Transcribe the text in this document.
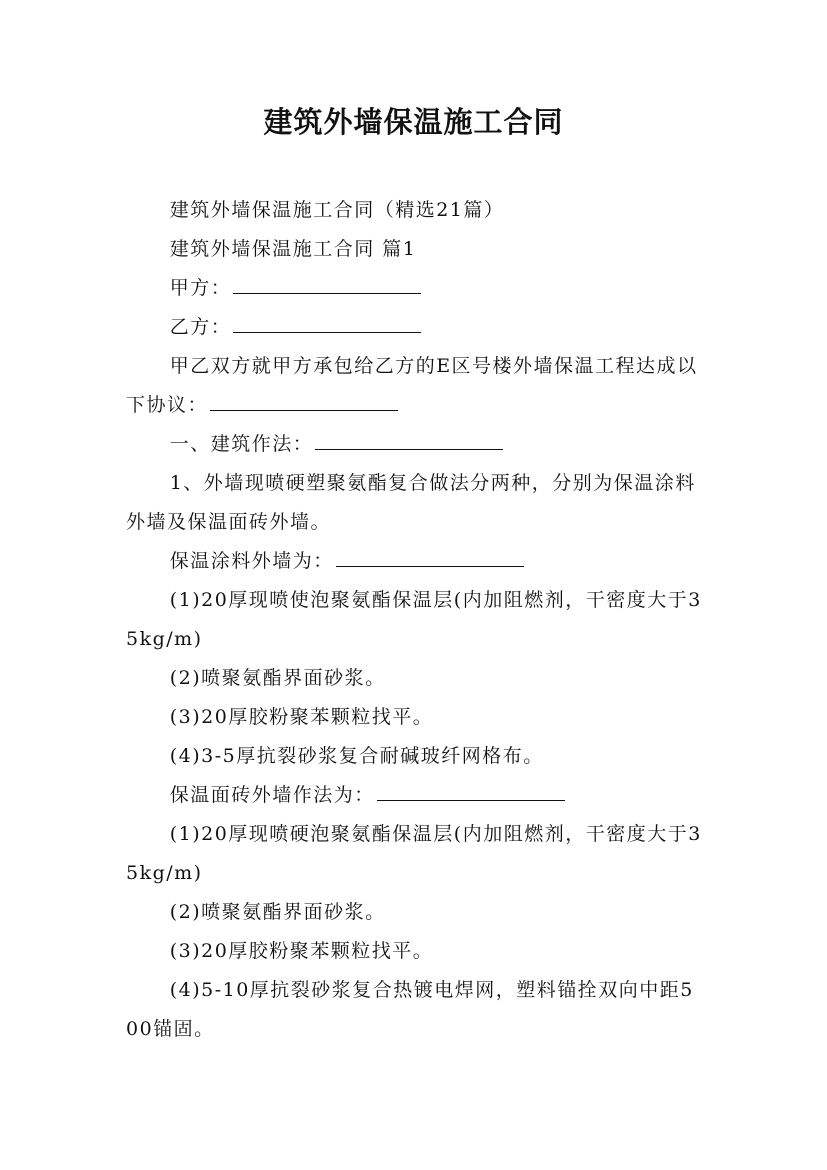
建筑外墙保温施工合同

建筑外墙保温施工合同（精选21篇）

建筑外墙保温施工合同 篇1

甲方：

乙方：

甲乙双方就甲方承包给乙方的E区号楼外墙保温工程达成以下协议：

一、建筑作法：

1、外墙现喷硬塑聚氨酯复合做法分两种，分别为保温涂料外墙及保温面砖外墙。

保温涂料外墙为：

(1)20厚现喷使泡聚氨酯保温层(内加阻燃剂，干密度大于35kg/m)

(2)喷聚氨酯界面砂浆。

(3)20厚胶粉聚苯颗粒找平。

(4)3-5厚抗裂砂浆复合耐碱玻纤网格布。

保温面砖外墙作法为：

(1)20厚现喷硬泡聚氨酯保温层(内加阻燃剂，干密度大于35kg/m)

(2)喷聚氨酯界面砂浆。

(3)20厚胶粉聚苯颗粒找平。

(4)5-10厚抗裂砂浆复合热镀电焊网，塑料锚拴双向中距500锚固。
